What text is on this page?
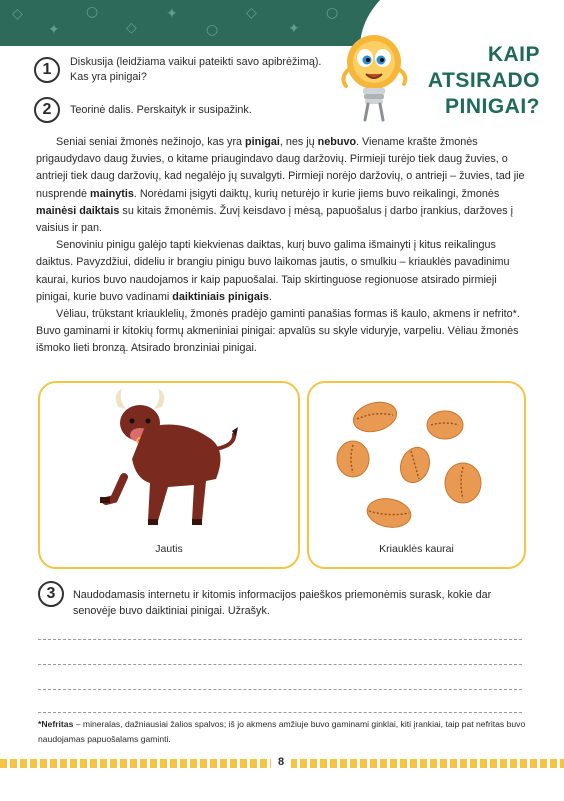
◇
✦
○
◇
✦
○
◇
✦
○
KAIP
ATSIRADO
PINIGAI?
1	Diskusija (leidžiama vaikui pateikti savo apibrėžimą).
Kas yra pinigai?
2	Teorinė dalis. Perskaityk ir susipažink.

Seniai seniai žmonės nežinojo, kas yra pinigai, nes jų nebuvo. Viename krašte žmonės prigaudydavo daug žuvies, o kitame priaugindavo daug daržovių. Pirmieji turėjo tiek daug žuvies, o antrieji tiek daug daržovių, kad negalėjo jų suvalgyti. Pirmieji norėjo daržovių, o antrieji – žuvies, tad jie nusprendė mainytis. Norėdami įsigyti daiktų, kurių neturėjo ir kurie jiems buvo reikalingi, žmonės mainėsi daiktais su kitais žmonėmis. Žuvį keisdavo į mėsą, papuošalus į darbo įrankius, daržoves į vaisius ir pan.

Senoviniu pinigu galėjo tapti kiekvienas daiktas, kurį buvo galima išmainyti į kitus reikalingus daiktus. Pavyzdžiui, dideliu ir brangiu pinigu buvo laikomas jautis, o smulkiu – kriauklės pavadinimu kaurai, kurios buvo naudojamos ir kaip papuošalai. Taip skirtinguose regionuose atsirado pirmieji pinigai, kurie buvo vadinami daiktiniais pinigais.

Vėliau, trūkstant kriauklelių, žmonės pradėjo gaminti panašias formas iš kaulo, akmens ir nefrito*. Buvo gaminami ir kitokių formų akmeniniai pinigai: apvalūs su skyle viduryje, varpeliu. Vėliau žmonės išmoko lieti bronzą. Atsirado bronziniai pinigai.

Jautis	Kriauklės kaurai
3	Naudodamasis internetu ir kitomis informacijos paieškos priemonėmis surask, kokie dar
senovėje buvo daiktiniai pinigai. Užrašyk.
*Nefritas – mineralas, dažniausiai žalios spalvos; iš jo akmens amžiuje buvo gaminami ginklai, kiti įrankiai, taip pat nefritas buvo naudojamas papuošalams gaminti.
8
